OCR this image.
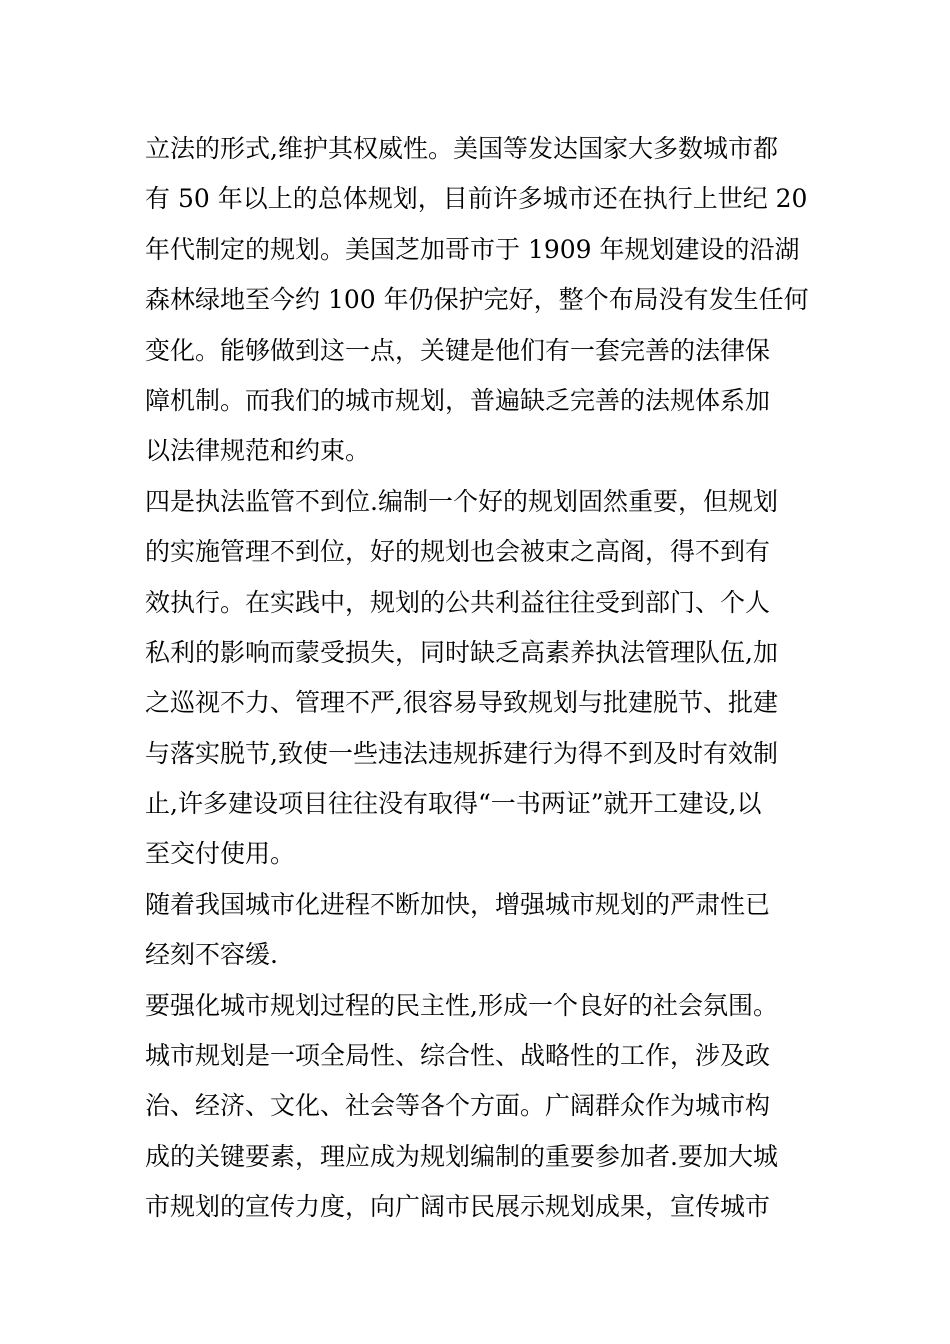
立法的形式,维护其权威性。美国等发达国家大多数城市都
有 50 年以上的总体规划，目前许多城市还在执行上世纪 20
年代制定的规划。美国芝加哥市于 1909 年规划建设的沿湖
森林绿地至今约 100 年仍保护完好，整个布局没有发生任何
变化。能够做到这一点，关键是他们有一套完善的法律保
障机制。而我们的城市规划，普遍缺乏完善的法规体系加
以法律规范和约束。
四是执法监管不到位.编制一个好的规划固然重要，但规划
的实施管理不到位，好的规划也会被束之高阁，得不到有
效执行。在实践中，规划的公共利益往往受到部门、个人
私利的影响而蒙受损失，同时缺乏高素养执法管理队伍,加
之巡视不力、管理不严,很容易导致规划与批建脱节、批建
与落实脱节,致使一些违法违规拆建行为得不到及时有效制
止,许多建设项目往往没有取得“一书两证”就开工建设,以
至交付使用。
随着我国城市化进程不断加快，增强城市规划的严肃性已
经刻不容缓.
要强化城市规划过程的民主性,形成一个良好的社会氛围。
城市规划是一项全局性、综合性、战略性的工作，涉及政
治、经济、文化、社会等各个方面。广阔群众作为城市构
成的关键要素，理应成为规划编制的重要参加者.要加大城
市规划的宣传力度，向广阔市民展示规划成果，宣传城市
